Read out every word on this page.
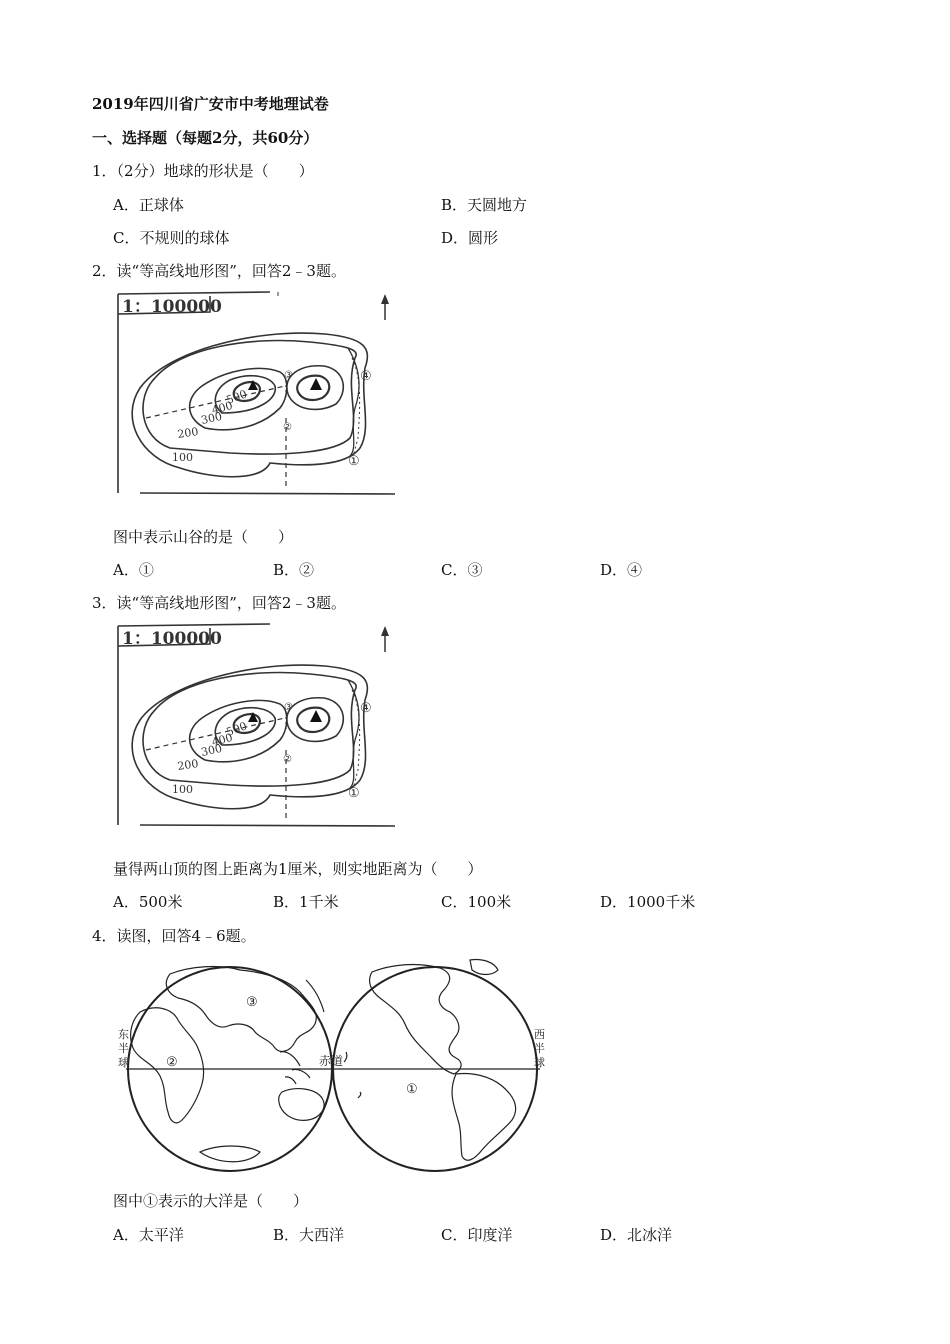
2019年四川省广安市中考地理试卷
一、选择题（每题2分，共60分）
1．（2分）地球的形状是（　　）
A．正球体	B．天圆地方
C．不规则的球体	D．圆形
2．读“等高线地形图”，回答2﹣3题。
1：100000
500
400
300
200
100	①
②
③	④
图中表示山谷的是（　　）
A．①	B．②	C．③	D．④
3．读“等高线地形图”，回答2﹣3题。
1：100000
500
400
300
200
100	①
②
③	④
量得两山顶的图上距离为1厘米，则实地距离为（　　）
A．500米	B．1千米	C．100米	D．1000千米
4．读图，回答4﹣6题。
东
半
球
西
半
球
赤道
①
②
③
图中①表示的大洋是（　　）
A．太平洋	B．大西洋	C．印度洋	D．北冰洋
